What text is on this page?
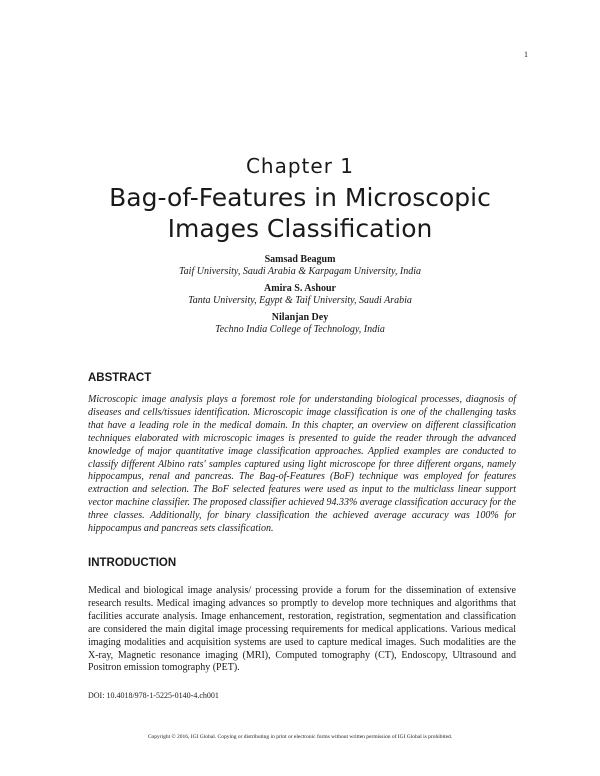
1
Chapter 1
Bag-of-Features in Microscopic
Images Classification
Samsad Beagum
Taif University, Saudi Arabia & Karpagam University, India
Amira S. Ashour
Tanta University, Egypt & Taif University, Saudi Arabia
Nilanjan Dey
Techno India College of Technology, India
ABSTRACT

Microscopic image analysis plays a foremost role for understanding biological processes, diagnosis of diseases and cells/tissues identification. Microscopic image classification is one of the challenging tasks that have a leading role in the medical domain. In this chapter, an overview on different classification techniques elaborated with microscopic images is presented to guide the reader through the advanced knowledge of major quantitative image classification approaches. Applied examples are conducted to classify different Albino rats' samples captured using light microscope for three different organs, namely hippocampus, renal and pancreas. The Bag-of-Features (BoF) technique was employed for features extraction and selection. The BoF selected features were used as input to the multiclass linear support vector machine classifier. The proposed classifier achieved 94.33% average classification accuracy for the three classes. Additionally, for binary classification the achieved average accuracy was 100% for hippocampus and pancreas sets classification.

INTRODUCTION

Medical and biological image analysis/ processing provide a forum for the dissemination of extensive research results. Medical imaging advances so promptly to develop more techniques and algorithms that facilities accurate analysis. Image enhancement, restoration, registration, segmentation and classification are considered the main digital image processing requirements for medical applications. Various medical imaging modalities and acquisition systems are used to capture medical images. Such modalities are the X-ray, Magnetic resonance imaging (MRI), Computed tomography (CT), Endoscopy, Ultrasound and Positron emission tomography (PET).

DOI: 10.4018/978-1-5225-0140-4.ch001
Copyright © 2016, IGI Global. Copying or distributing in print or electronic forms without written permission of IGI Global is prohibited.
